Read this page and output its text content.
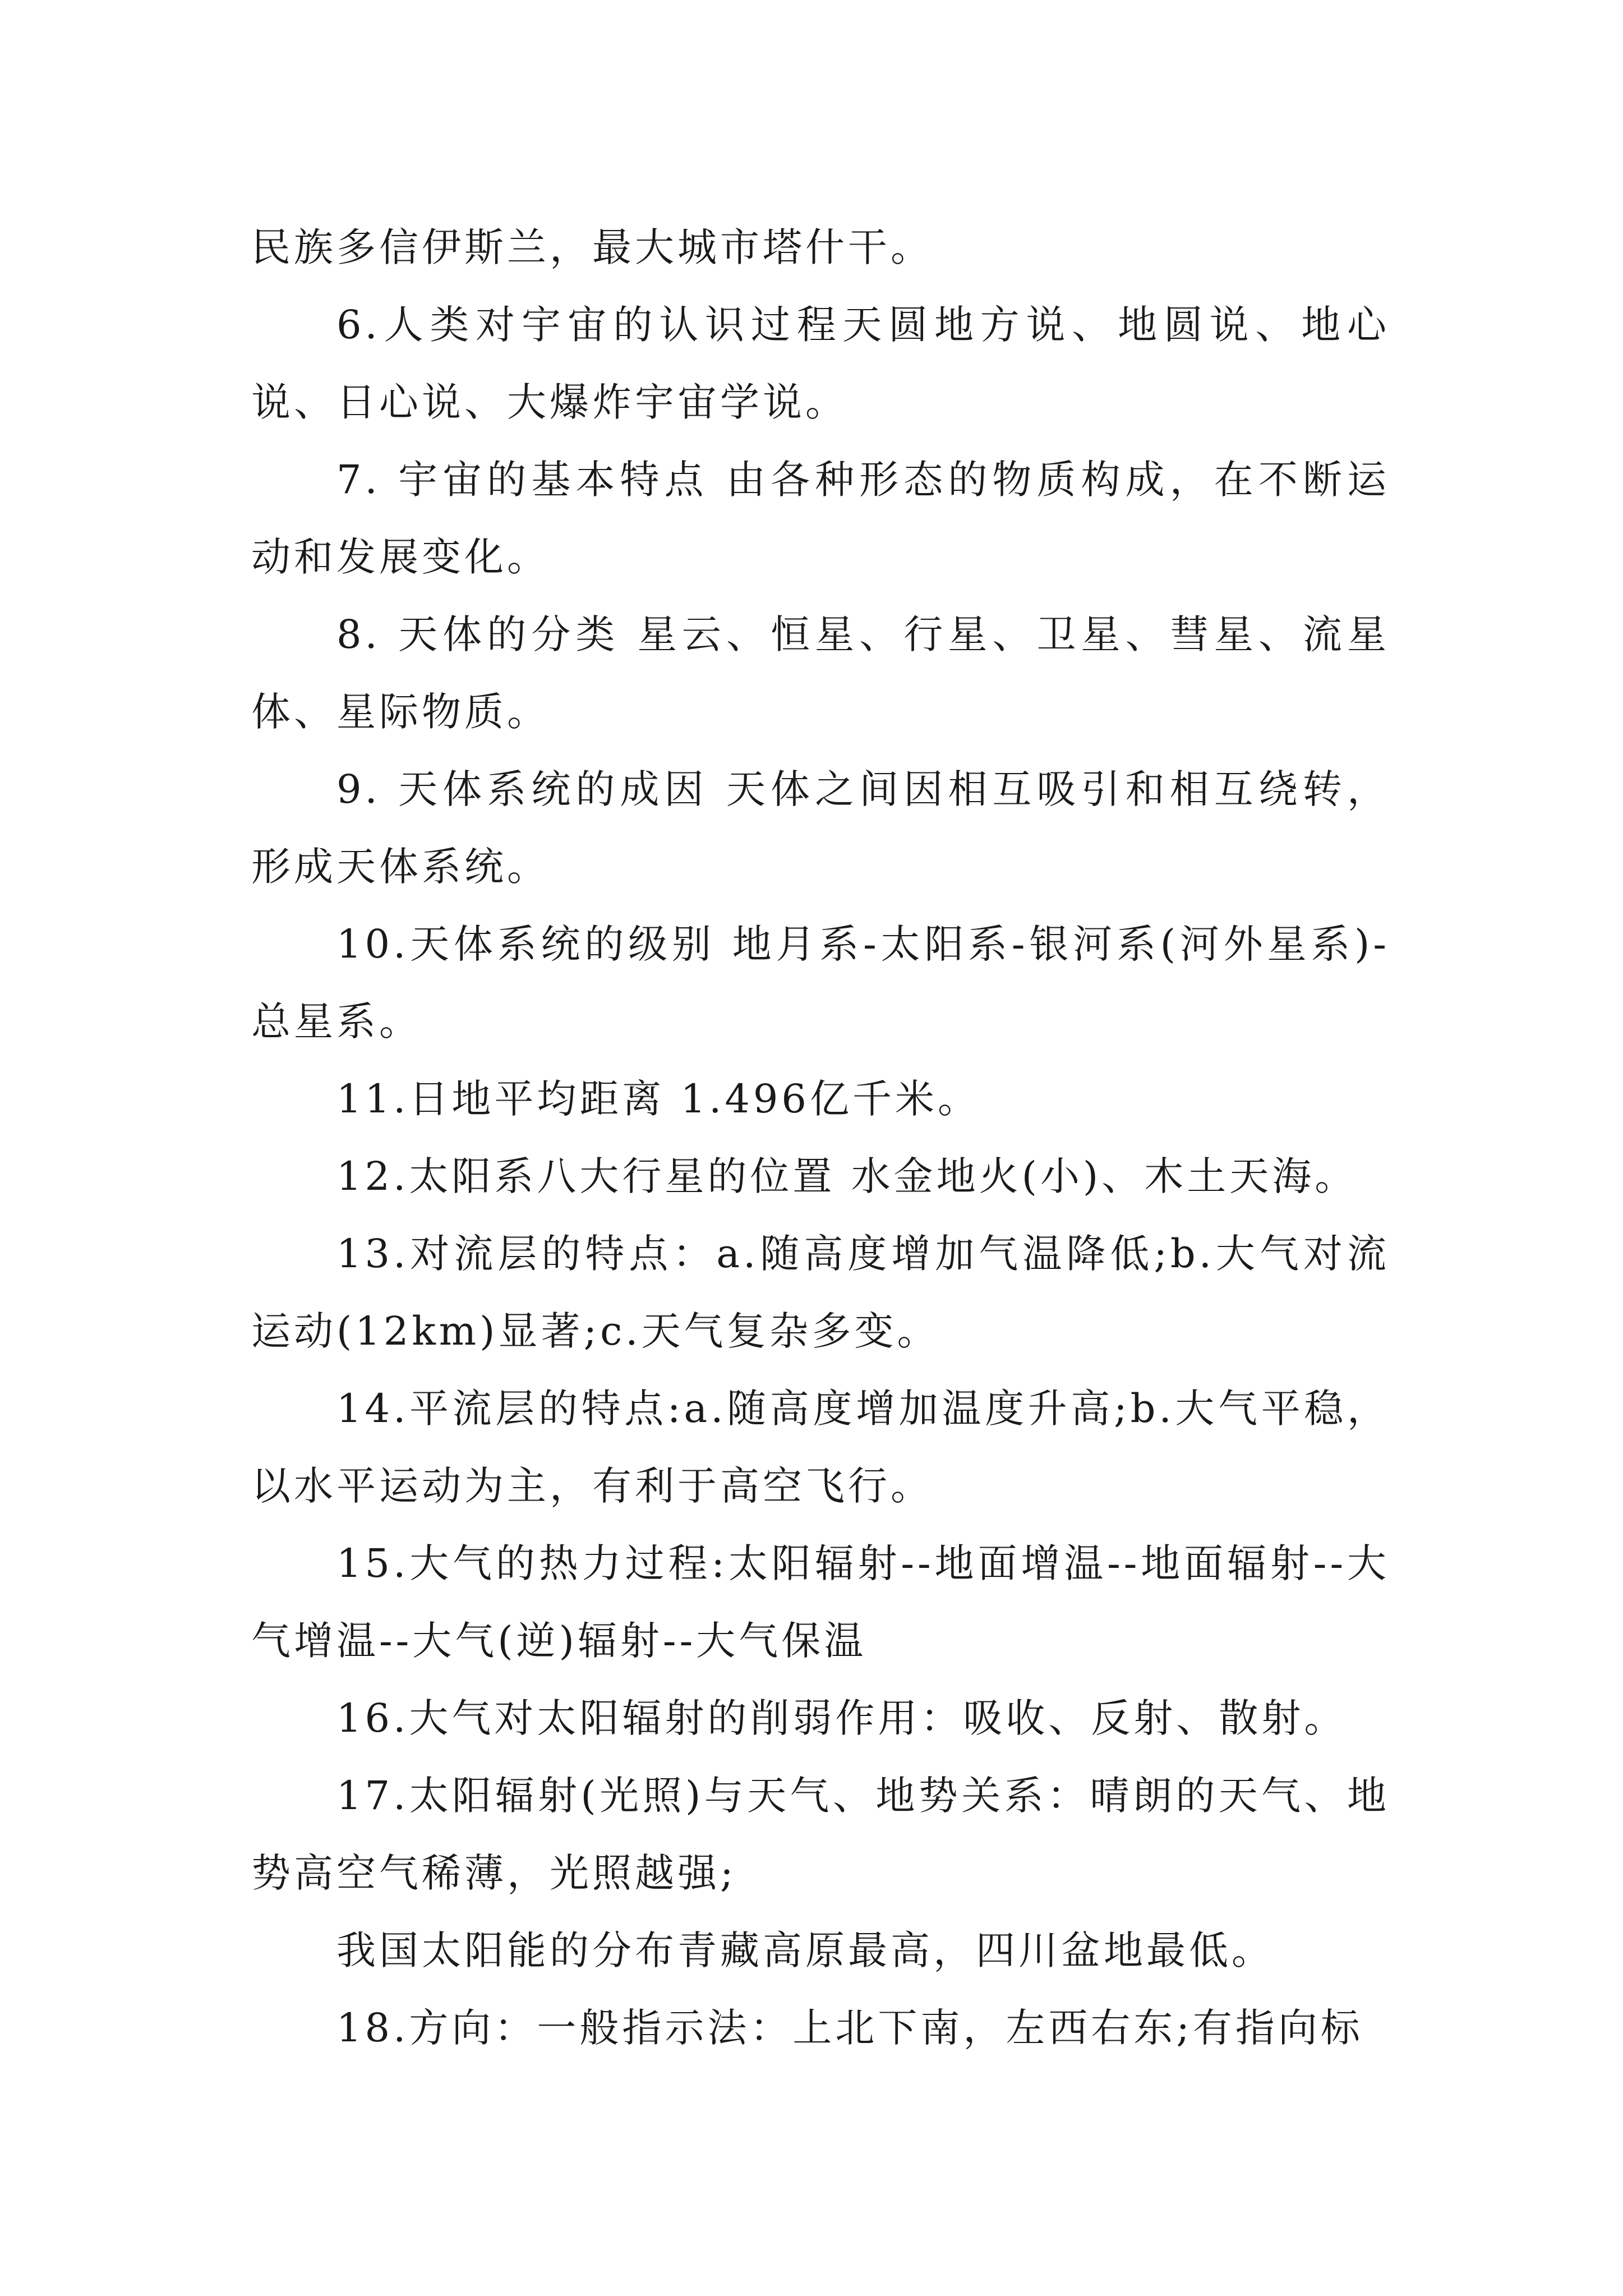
民族多信伊斯兰，最大城市塔什干。

6.人类对宇宙的认识过程天圆地方说、地圆说、地心说、日心说、大爆炸宇宙学说。

7. 宇宙的基本特点 由各种形态的物质构成，在不断运动和发展变化。

8. 天体的分类 星云、恒星、行星、卫星、彗星、流星体、星际物质。

9. 天体系统的成因 天体之间因相互吸引和相互绕转，形成天体系统。

10.天体系统的级别 地月系-太阳系-银河系(河外星系)-总星系。

11.日地平均距离 1.496亿千米。

12.太阳系八大行星的位置 水金地火(小)、木土天海。

13.对流层的特点：a.随高度增加气温降低;b.大气对流运动(12km)显著;c.天气复杂多变。

14.平流层的特点:a.随高度增加温度升高;b.大气平稳，以水平运动为主，有利于高空飞行。

15.大气的热力过程:太阳辐射--地面增温--地面辐射--大气增温--大气(逆)辐射--大气保温

16.大气对太阳辐射的削弱作用：吸收、反射、散射。

17.太阳辐射(光照)与天气、地势关系：晴朗的天气、地势高空气稀薄，光照越强;

我国太阳能的分布青藏高原最高，四川盆地最低。

18.方向：一般指示法：上北下南，左西右东;有指向标
